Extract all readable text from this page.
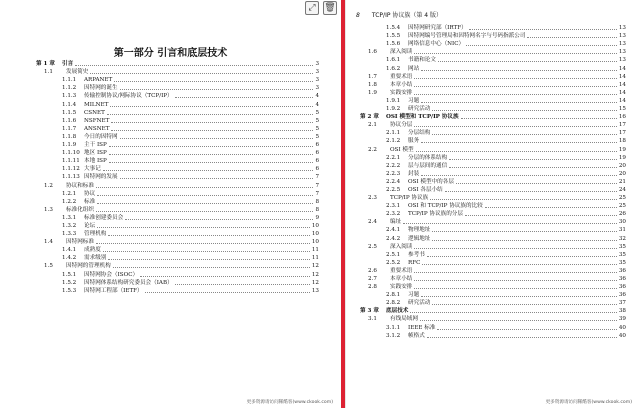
⤢ 🗑
第一部分 引言和底层技术
第 1 章	引言	3
1.1	发展简史	3
1.1.1	ARPANET	3
1.1.2	因特网的诞生	3
1.1.3	传输控制协议/网际协议（TCP/IP）	4
1.1.4	MILNET	4
1.1.5	CSNET	5
1.1.6	NSFNET	5
1.1.7	ANSNET	5
1.1.8	今日的因特网	5
1.1.9	主干 ISP	6
1.1.10 地区 ISP	6
1.1.11 本地 ISP	6
1.1.12 大事记	6
1.1.13 因特网的发展	7
1.2	协议和标准	7
1.2.1	协议	7
1.2.2	标准	8
1.3	标准化组织	8
1.3.1	标准创建委员会	9
1.3.2	论坛	10
1.3.3	管理机构	10
1.4	因特网标准	10
1.4.1	成熟度	11
1.4.2	需求级别	11
1.5	因特网的管理机构	12
1.5.1	因特网协会（ISOC）	12
1.5.2	因特网体系结构研究委员会（IAB）	12
1.5.3	因特网工程部（IETF）	13
更多资源请访问稀酷客(www.ckook.com)
8 TCP/IP 协议族（第 4 版）
1.5.4	因特网研究部（IRTF）	13
1.5.5	因特网编号管理局和因特网名字与号码指派公司	13
1.5.6	网络信息中心（NIC）	13
1.6	深入阅读	13
1.6.1	书籍和论文	13
1.6.2	网站	14
1.7	重要术语	14
1.8	本章小结	14
1.9	实践安排	14
1.9.1	习题	14
1.9.2	研究活动	15
第 2 章	OSI 模型和 TCP/IP 协议族	16
2.1	协议分层	17
2.1.1	分层结构	17
2.1.2	服务	18
2.2	OSI 模型	19
2.2.1	分层的体系结构	19
2.2.2	层与层间的通信	20
2.2.3	封装	20
2.2.4	OSI 模型中的各层	21
2.2.5	OSI 各层小结	24
2.3	TCP/IP 协议族	25
2.3.1	OSI 和 TCP/IP 协议族的比较	25
2.3.2	TCP/IP 协议族的分层	26
2.4	编址	30
2.4.1	物理地址	31
2.4.2	逻辑地址	32
2.5	深入阅读	35
2.5.1	参考书	35
2.5.2	RFC	35
2.6	重要术语	36
2.7	本章小结	36
2.8	实践安排	36
2.8.1	习题	36
2.8.2	研究活动	37
第 3 章	底层技术	38
3.1	有线局域网	39
3.1.1	IEEE 标准	40
3.1.2	帧格式	40
更多资源请访问稀酷客(www.ckook.com)
